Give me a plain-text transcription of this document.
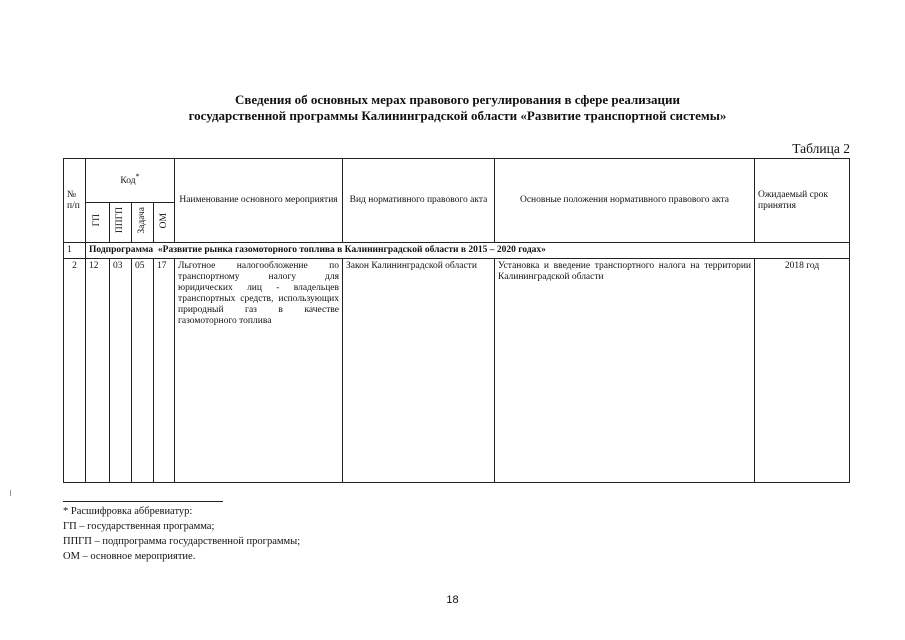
Сведения об основных мерах правового регулирования в сфере реализации
государственной программы Калининградской области «Развитие транспортной системы»
Таблица 2
№ п/п	Код*				Наименование основного мероприятия	Вид нормативного правового акта	Основные положения нормативного правового акта	Ожидаемый срок принятия
	ГП	ППГП	Задача	ОМ				
1	Подпрограмма «Развитие рынка газомоторного топлива в Калининградской области в 2015 – 2020 годах»							
2	12	03	05	17	Льготное налогообложение по транспортному налогу для юридических лиц - владельцев транспортных средств, использующих природный газ в качестве газомоторного топлива	Закон Калининградской области	Установка и введение транспортного налога на территории Калининградской области	2018 год
* Расшифровка аббревиатур:
ГП – государственная программа;
ППГП – подпрограмма государственной программы;
ОМ – основное мероприятие.
18
